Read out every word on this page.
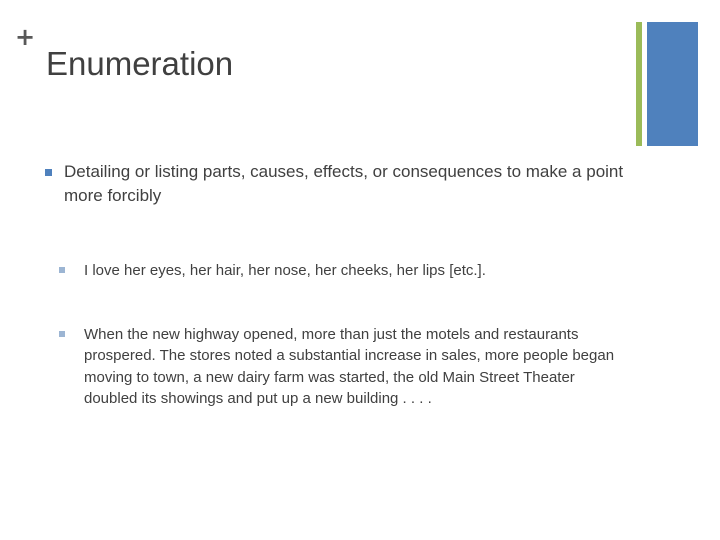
+
Enumeration
Detailing or listing parts, causes, effects, or consequences to make a point more forcibly
I love her eyes, her hair, her nose, her cheeks, her lips [etc.].
When the new highway opened, more than just the motels and restaurants prospered. The stores noted a substantial increase in sales, more people began moving to town, a new dairy farm was started, the old Main Street Theater doubled its showings and put up a new building . . . .
